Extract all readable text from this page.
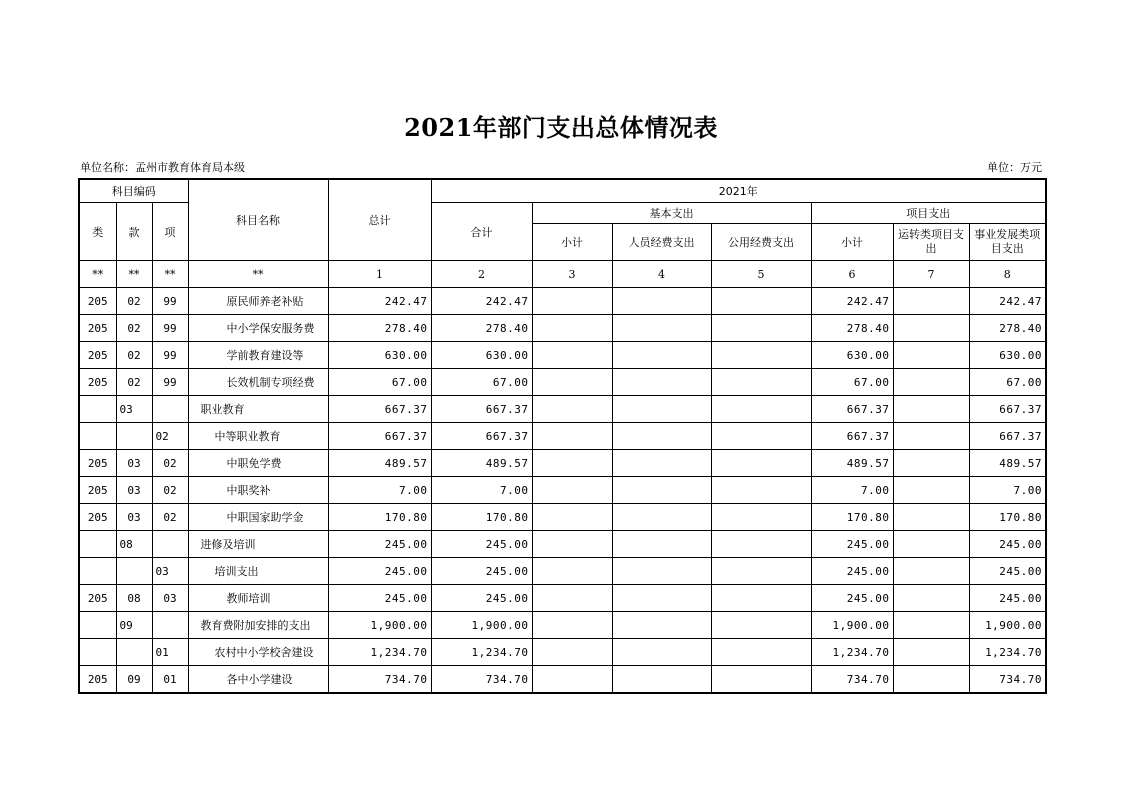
2021年部门支出总体情况表
单位名称：孟州市教育体育局本级	单位：万元
科目编码			科目名称	总计	2021年						
类	款	项			合计	基本支出			项目支出		
						小计	人员经费支出	公用经费支出	小计	运转类项目支出	事业发展类项目支出
**	**	**	**	1	2	3	4	5	6	7	8
205	02	99	原民师养老补贴	242.47	242.47				242.47		242.47
205	02	99	中小学保安服务费	278.40	278.40				278.40		278.40
205	02	99	学前教育建设等	630.00	630.00				630.00		630.00
205	02	99	长效机制专项经费	67.00	67.00				67.00		67.00
	03		职业教育	667.37	667.37				667.37		667.37
		02	中等职业教育	667.37	667.37				667.37		667.37
205	03	02	中职免学费	489.57	489.57				489.57		489.57
205	03	02	中职奖补	7.00	7.00				7.00		7.00
205	03	02	中职国家助学金	170.80	170.80				170.80		170.80
	08		进修及培训	245.00	245.00				245.00		245.00
		03	培训支出	245.00	245.00				245.00		245.00
205	08	03	教师培训	245.00	245.00				245.00		245.00
	09		教育费附加安排的支出	1,900.00	1,900.00				1,900.00		1,900.00
		01	农村中小学校舍建设	1,234.70	1,234.70				1,234.70		1,234.70
205	09	01	各中小学建设	734.70	734.70				734.70		734.70
